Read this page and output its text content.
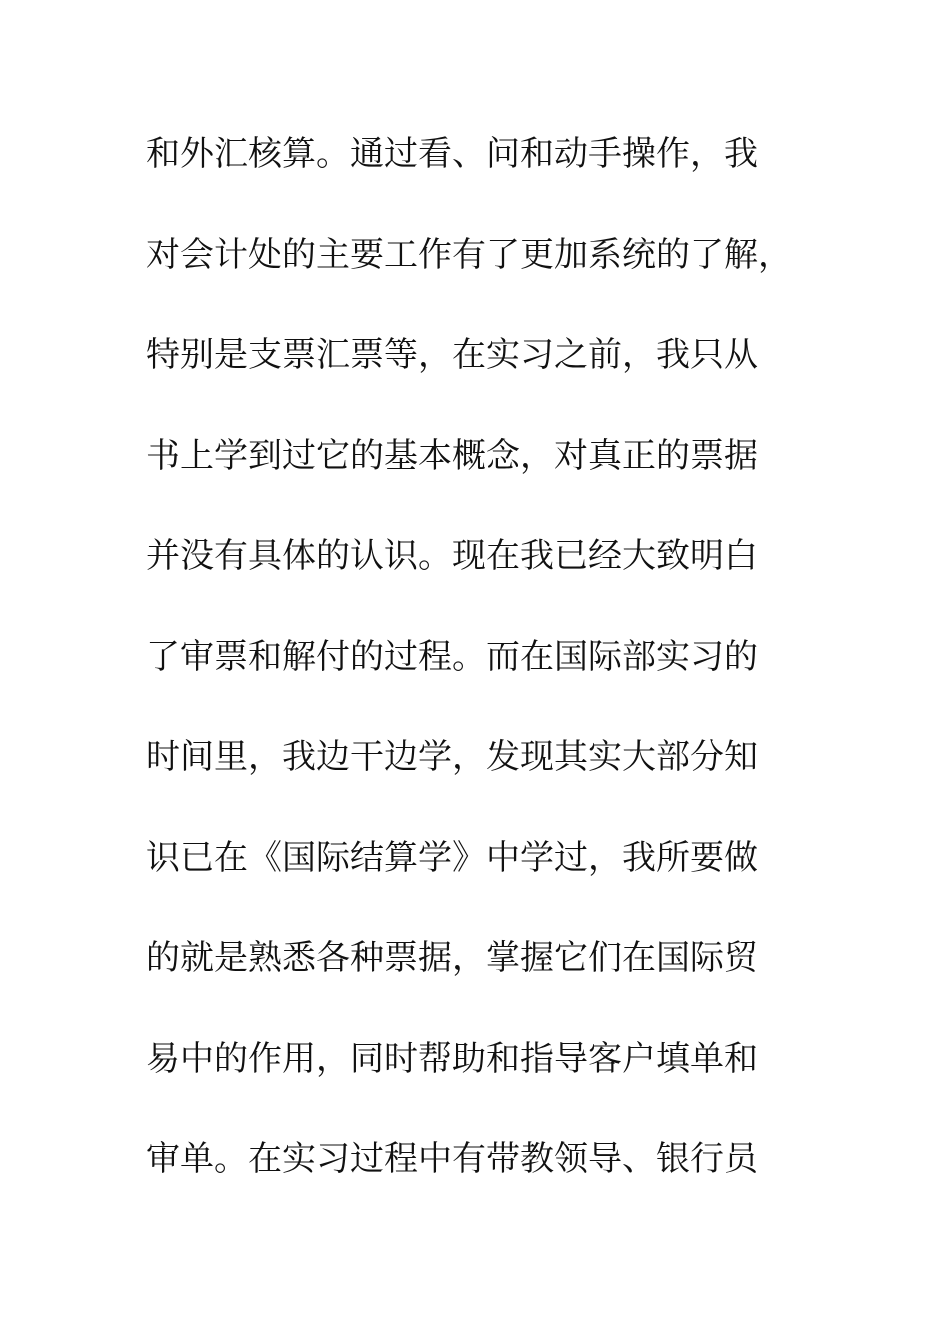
和外汇核算。通过看、问和动手操作，我
对会计处的主要工作有了更加系统的了解，
特别是支票汇票等，在实习之前，我只从
书上学到过它的基本概念，对真正的票据
并没有具体的认识。现在我已经大致明白
了审票和解付的过程。而在国际部实习的
时间里，我边干边学，发现其实大部分知
识已在《国际结算学》中学过，我所要做
的就是熟悉各种票据，掌握它们在国际贸
易中的作用，同时帮助和指导客户填单和
审单。在实习过程中有带教领导、银行员
